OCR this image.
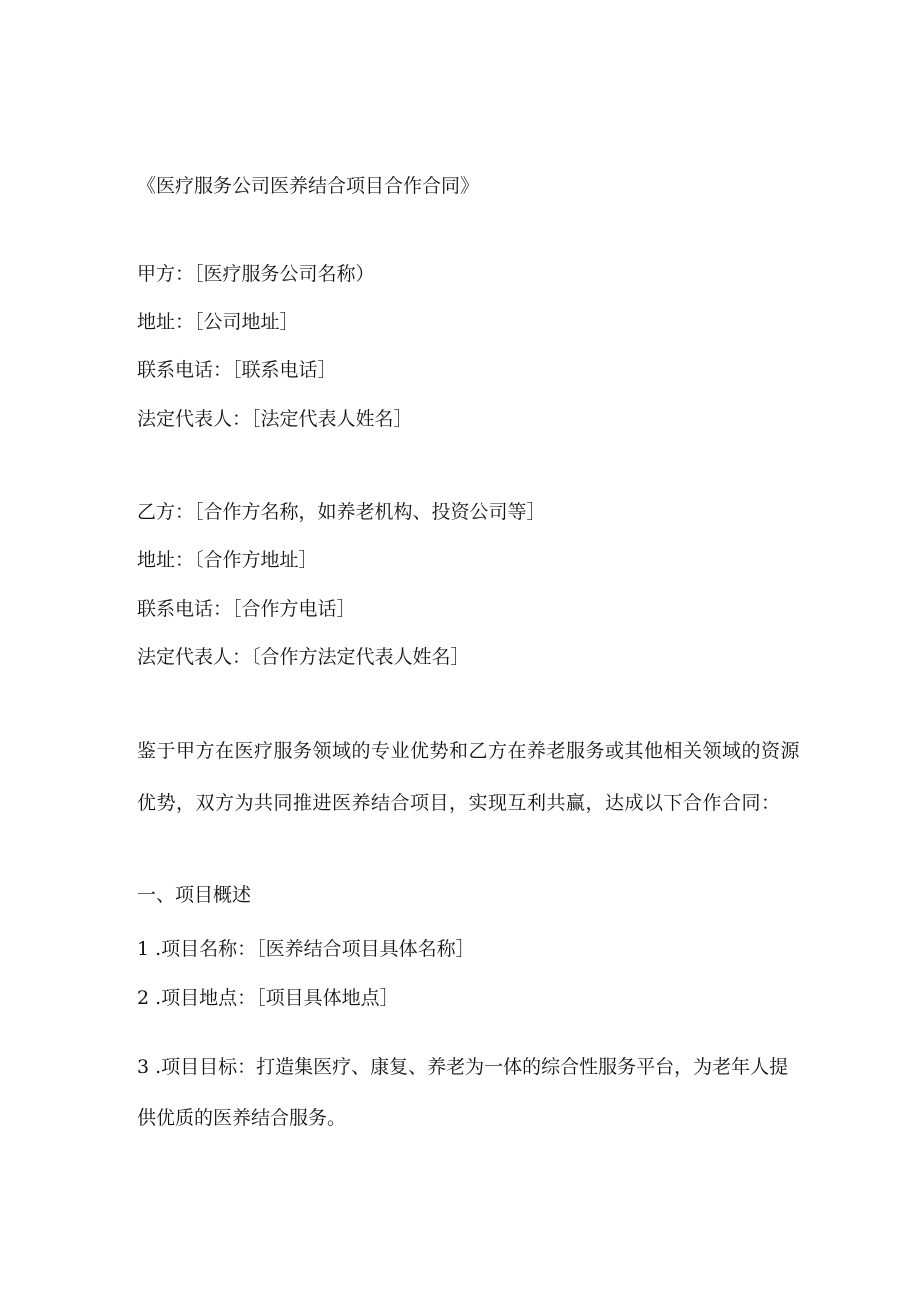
《医疗服务公司医养结合项目合作合同》
甲方：［医疗服务公司名称）
地址：［公司地址］
联系电话：［联系电话］
法定代表人：［法定代表人姓名］
乙方：［合作方名称，如养老机构、投资公司等］
地址：〔合作方地址］
联系电话：［合作方电话］
法定代表人：〔合作方法定代表人姓名］
鉴于甲方在医疗服务领域的专业优势和乙方在养老服务或其他相关领域的资源
优势，双方为共同推进医养结合项目，实现互利共赢，达成以下合作合同：
一、项目概述
1 .项目名称：［医养结合项目具体名称］
2 .项目地点：［项目具体地点］
3 .项目目标：打造集医疗、康复、养老为一体的综合性服务平台，为老年人提
供优质的医养结合服务。
